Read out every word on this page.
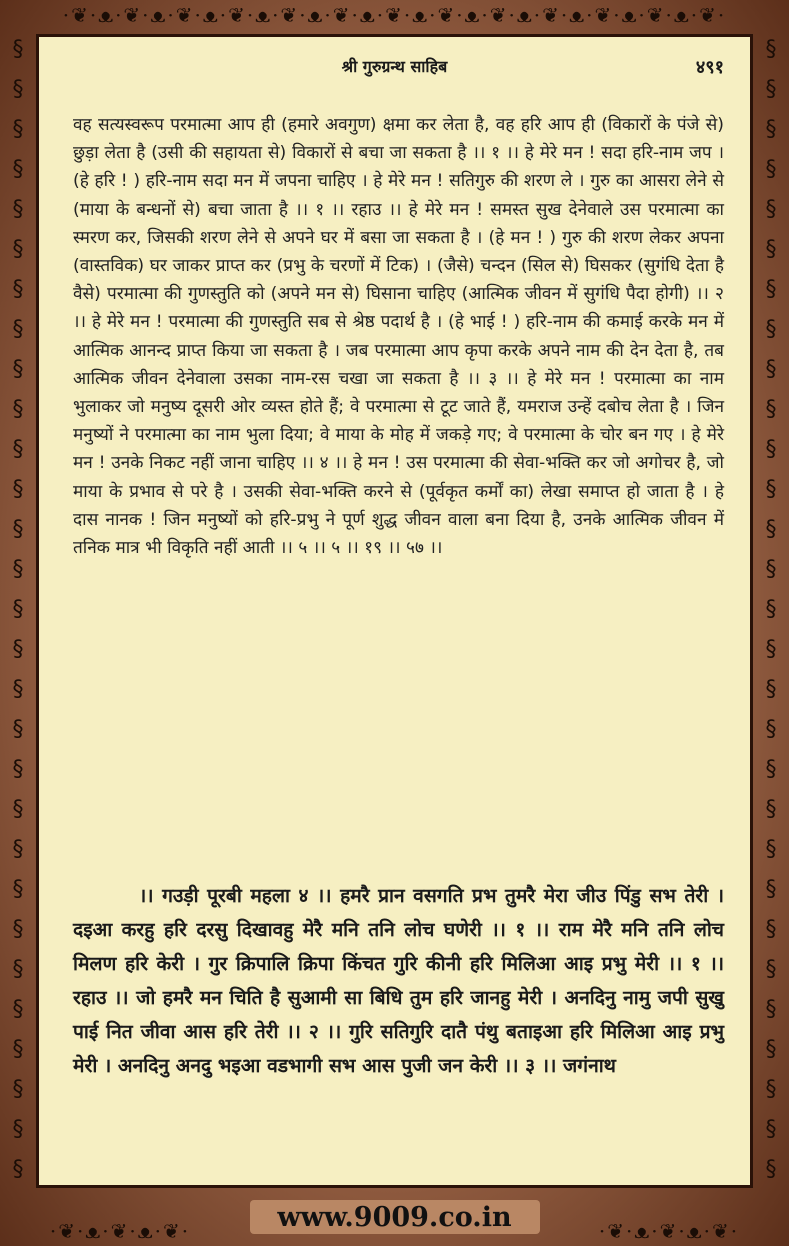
·❦·ᴥ·❦·ᴥ·❦·ᴥ·❦·ᴥ·❦·ᴥ·❦·ᴥ·❦·ᴥ·❦·ᴥ·❦·ᴥ·❦·ᴥ·❦·ᴥ·❦·ᴥ·❦·
§
§
§
§
§
§
§
§
§
§
§
§
§
§
§
§
§
§
§
§
§
§
§
§
§
§
§
§
§
§
§
§
§
§
§
§
§
§
§
§
§
§
§
§
§
§
§
§
§
§
§
§
§
§
§
§
§
§
श्री गुरुग्रन्थ साहिब	४९१
वह सत्यस्वरूप परमात्मा आप ही (हमारे अवगुण) क्षमा कर लेता है, वह हरि आप ही (विकारों के पंजे से) छुड़ा लेता है (उसी की सहायता से) विकारों से बचा जा सकता है ।। १ ।। हे मेरे मन ! सदा हरि-नाम जप । (हे हरि ! ) हरि-नाम सदा मन में जपना चाहिए । हे मेरे मन ! सतिगुरु की शरण ले । गुरु का आसरा लेने से (माया के बन्धनों से) बचा जाता है ।। १ ।। रहाउ ।। हे मेरे मन ! समस्त सुख देनेवाले उस परमात्मा का स्मरण कर, जिसकी शरण लेने से अपने घर में बसा जा सकता है । (हे मन ! ) गुरु की शरण लेकर अपना (वास्तविक) घर जाकर प्राप्त कर (प्रभु के चरणों में टिक) । (जैसे) चन्दन (सिल से) घिसकर (सुगंधि देता है वैसे) परमात्मा की गुणस्तुति को (अपने मन से) घिसाना चाहिए (आत्मिक जीवन में सुगंधि पैदा होगी) ।। २ ।। हे मेरे मन ! परमात्मा की गुणस्तुति सब से श्रेष्ठ पदार्थ है । (हे भाई ! ) हरि-नाम की कमाई करके मन में आत्मिक आनन्द प्राप्त किया जा सकता है । जब परमात्मा आप कृपा करके अपने नाम की देन देता है, तब आत्मिक जीवन देनेवाला उसका नाम-रस चखा जा सकता है ।। ३ ।। हे मेरे मन ! परमात्मा का नाम भुलाकर जो मनुष्य दूसरी ओर व्यस्त होते हैं; वे परमात्मा से टूट जाते हैं, यमराज उन्हें दबोच लेता है । जिन मनुष्यों ने परमात्मा का नाम भुला दिया; वे माया के मोह में जकड़े गए; वे परमात्मा के चोर बन गए । हे मेरे मन ! उनके निकट नहीं जाना चाहिए ।। ४ ।। हे मन ! उस परमात्मा की सेवा-भक्ति कर जो अगोचर है, जो माया के प्रभाव से परे है । उसकी सेवा-भक्ति करने से (पूर्वकृत कर्मों का) लेखा समाप्त हो जाता है । हे दास नानक ! जिन मनुष्यों को हरि-प्रभु ने पूर्ण शुद्ध जीवन वाला बना दिया है, उनके आत्मिक जीवन में तनिक मात्र भी विकृति नहीं आती ।। ५ ।। ५ ।। १९ ।। ५७ ।।
।। गउड़ी पूरबी महला ४ ।। हमरै प्रान वसगति प्रभ तुमरै मेरा जीउ पिंडु सभ तेरी । दइआ करहु हरि दरसु दिखावहु मेरै मनि तनि लोच घणेरी ।। १ ।। राम मेरै मनि तनि लोच मिलण हरि केरी । गुर क्रिपालि क्रिपा किंचत गुरि कीनी हरि मिलिआ आइ प्रभु मेरी ।। १ ।। रहाउ ।। जो हमरै मन चिति है सुआमी सा बिधि तुम हरि जानहु मेरी । अनदिनु नामु जपी सुखु पाई नित जीवा आस हरि तेरी ।। २ ।। गुरि सतिगुरि दातै पंथु बताइआ हरि मिलिआ आइ प्रभु मेरी । अनदिनु अनदु भइआ वडभागी सभ आस पुजी जन केरी ।। ३ ।। जगंनाथ
www.9009.co.in
·❦·ᴥ·❦·ᴥ·❦·	·❦·ᴥ·❦·ᴥ·❦·
